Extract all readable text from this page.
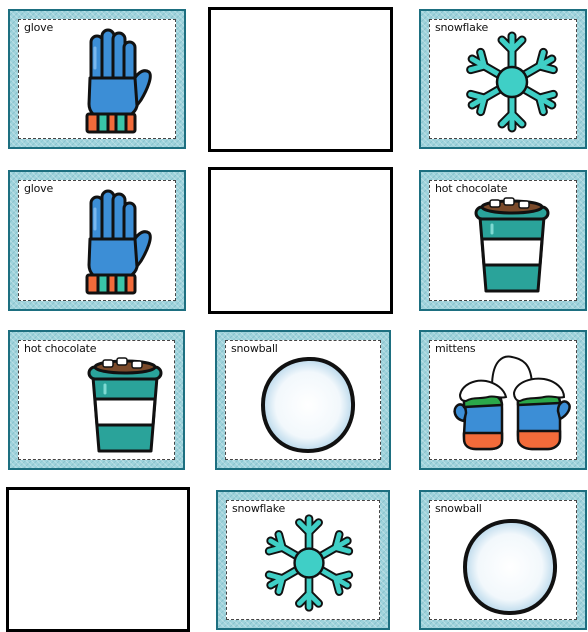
glove	snowflake
glove	hot chocolate
hot chocolate	snowball	mittens
snowflake	snowball
